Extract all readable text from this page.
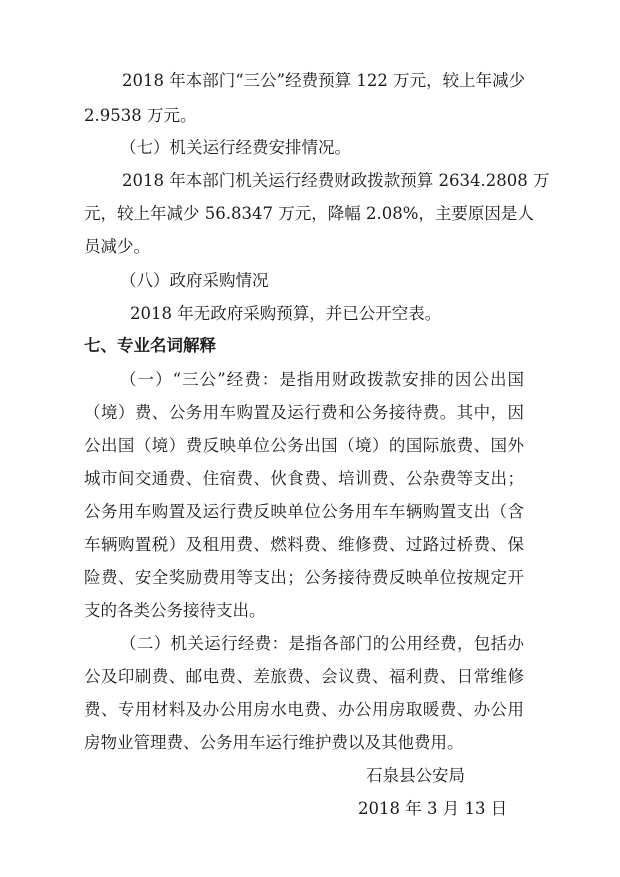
2018 年本部门“三公”经费预算 122 万元，较上年减少
2.9538 万元。
（七）机关运行经费安排情况。
2018 年本部门机关运行经费财政拨款预算 2634.2808 万
元，较上年减少 56.8347 万元，降幅 2.08%，主要原因是人
员减少。
（八）政府采购情况
2018 年无政府采购预算，并已公开空表。
七、专业名词解释
（一）“三公”经费：是指用财政拨款安排的因公出国
（境）费、公务用车购置及运行费和公务接待费。其中，因
公出国（境）费反映单位公务出国（境）的国际旅费、国外
城市间交通费、住宿费、伙食费、培训费、公杂费等支出；
公务用车购置及运行费反映单位公务用车车辆购置支出（含
车辆购置税）及租用费、燃料费、维修费、过路过桥费、保
险费、安全奖励费用等支出；公务接待费反映单位按规定开
支的各类公务接待支出。
（二）机关运行经费：是指各部门的公用经费，包括办
公及印刷费、邮电费、差旅费、会议费、福利费、日常维修
费、专用材料及办公用房水电费、办公用房取暖费、办公用
房物业管理费、公务用车运行维护费以及其他费用。
石泉县公安局
2018 年 3 月 13 日
